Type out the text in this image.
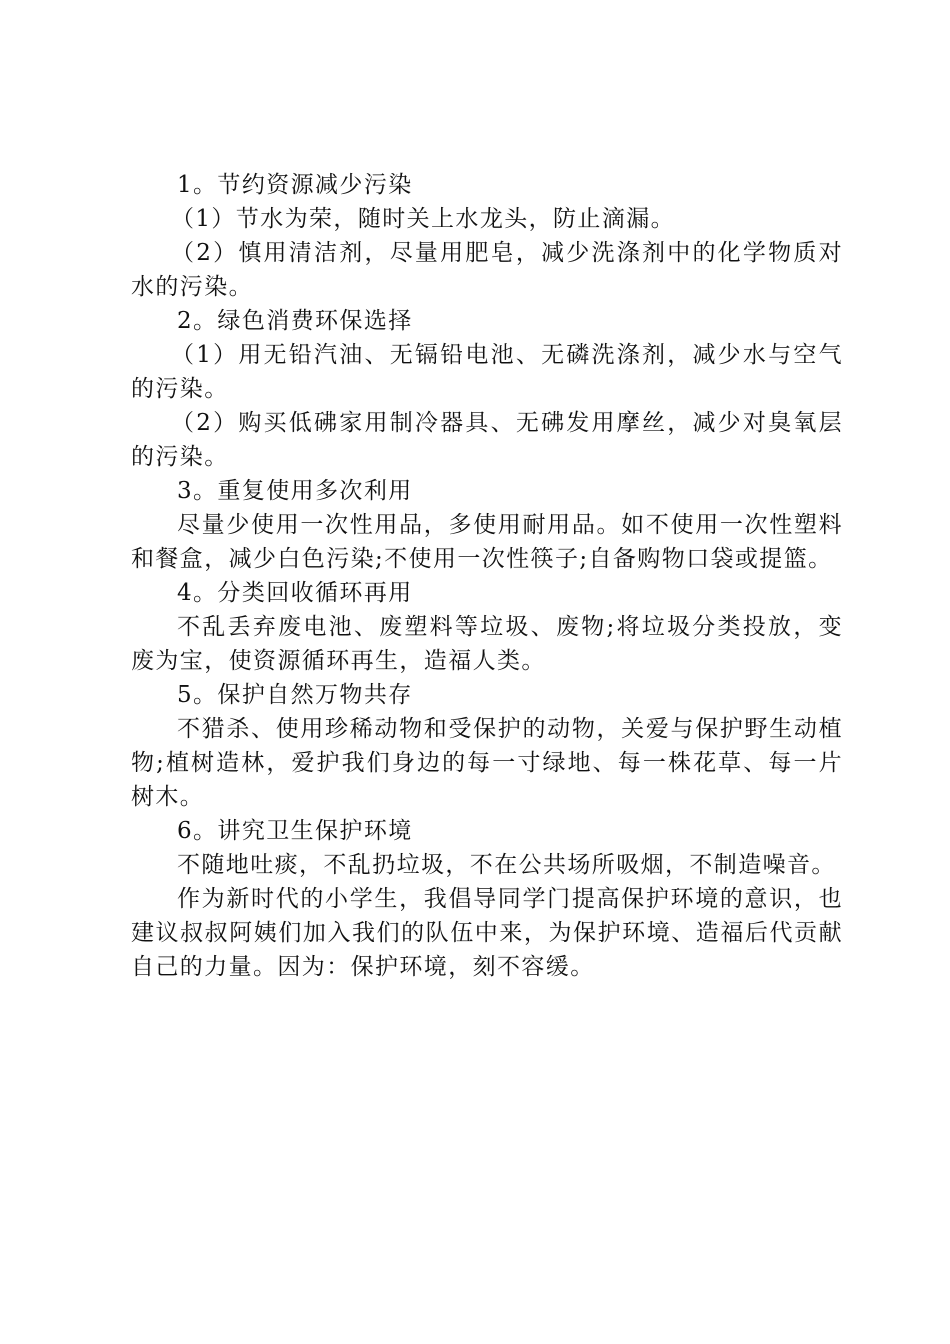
1。节约资源减少污染

（1）节水为荣，随时关上水龙头，防止滴漏。

（2）慎用清洁剂，尽量用肥皂，减少洗涤剂中的化学物质对水的污染。

2。绿色消费环保选择

（1）用无铅汽油、无镉铅电池、无磷洗涤剂，减少水与空气的污染。

（2）购买低砩家用制冷器具、无砩发用摩丝，减少对臭氧层的污染。

3。重复使用多次利用

尽量少使用一次性用品，多使用耐用品。如不使用一次性塑料和餐盒，减少白色污染;不使用一次性筷子;自备购物口袋或提篮。

4。分类回收循环再用

不乱丢弃废电池、废塑料等垃圾、废物;将垃圾分类投放，变废为宝，使资源循环再生，造福人类。

5。保护自然万物共存

不猎杀、使用珍稀动物和受保护的动物，关爱与保护野生动植物;植树造林，爱护我们身边的每一寸绿地、每一株花草、每一片树木。

6。讲究卫生保护环境

不随地吐痰，不乱扔垃圾，不在公共场所吸烟，不制造噪音。

作为新时代的小学生，我倡导同学门提高保护环境的意识，也建议叔叔阿姨们加入我们的队伍中来，为保护环境、造福后代贡献自己的力量。因为：保护环境，刻不容缓。
